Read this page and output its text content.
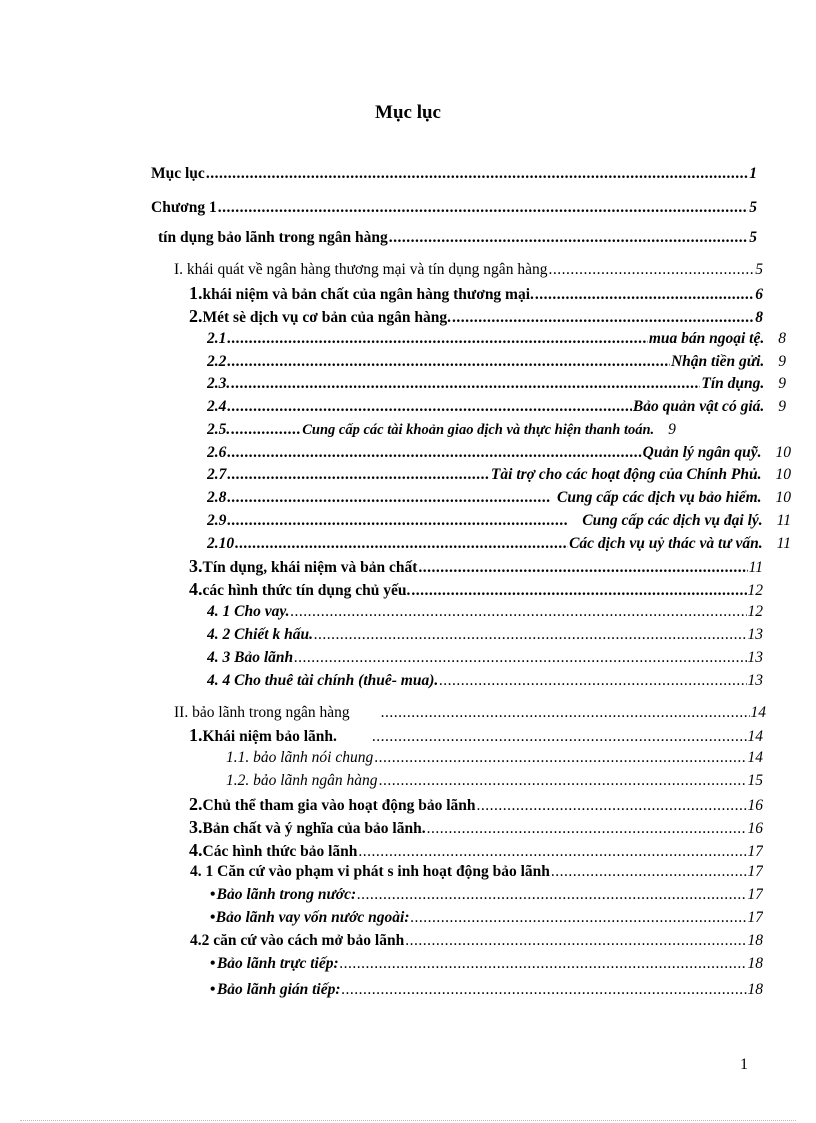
Mục lục
Mục lục .....	1
Chương 1 .....	5
tín dụng bảo lãnh trong ngân hàng .....	5
I. khái quát về ngân hàng thương mại và tín dụng ngân hàng .....	5
1. khái niệm và bản chất của ngân hàng thương mại. .....	6
2. Mét sè dịch vụ cơ bản của ngân hàng. .....	8
2.1 .....	mua bán ngoại tệ. 8
2.2 .....	Nhận tiền gửi. 9
2.3. .....	Tín dụng. 9
2.4 .....	Bảo quản vật có giá. 9
2.5. .....	Cung cấp các tài khoản giao dịch và thực hiện thanh toán. 9
2.6 .....	Quản lý ngân quỹ. 10
2.7 .....	Tài trợ cho các hoạt động của Chính Phủ. 10
2.8 .....	Cung cấp các dịch vụ bảo hiểm. 10
2.9 .....	Cung cấp các dịch vụ đại lý. 11
2.10 .....	Các dịch vụ uỷ thác và tư vấn. 11
3. Tín dụng, khái niệm và bản chất .....	11
4. các hình thức tín dụng chủ yếu. .....	12
4. 1 Cho vay. .....	12
4. 2 Chiết k hấu. .....	13
4. 3 Bảo lãnh .....	13
4. 4 Cho thuê tài chính (thuê- mua). .....	13
II. bảo lãnh trong ngân hàng .....	14
1. Khái niệm bảo lãnh. .....	14
1.1. bảo lãnh nói chung .....	14
1.2. bảo lãnh ngân hàng .....	15
2. Chủ thể tham gia vào hoạt động bảo lãnh .....	16
3. Bản chất và ý nghĩa của bảo lãnh. .....	16
4. Các hình thức bảo lãnh .....	17
4. 1 Căn cứ vào phạm vi phát s inh hoạt động bảo lãnh .....	17
• Bảo lãnh trong nước: .....	17
• Bảo lãnh vay vốn nước ngoài: .....	17
4.2 căn cứ vào cách mở bảo lãnh .....	18
• Bảo lãnh trực tiếp: .....	18
• Bảo lãnh gián tiếp: .....	18
1
